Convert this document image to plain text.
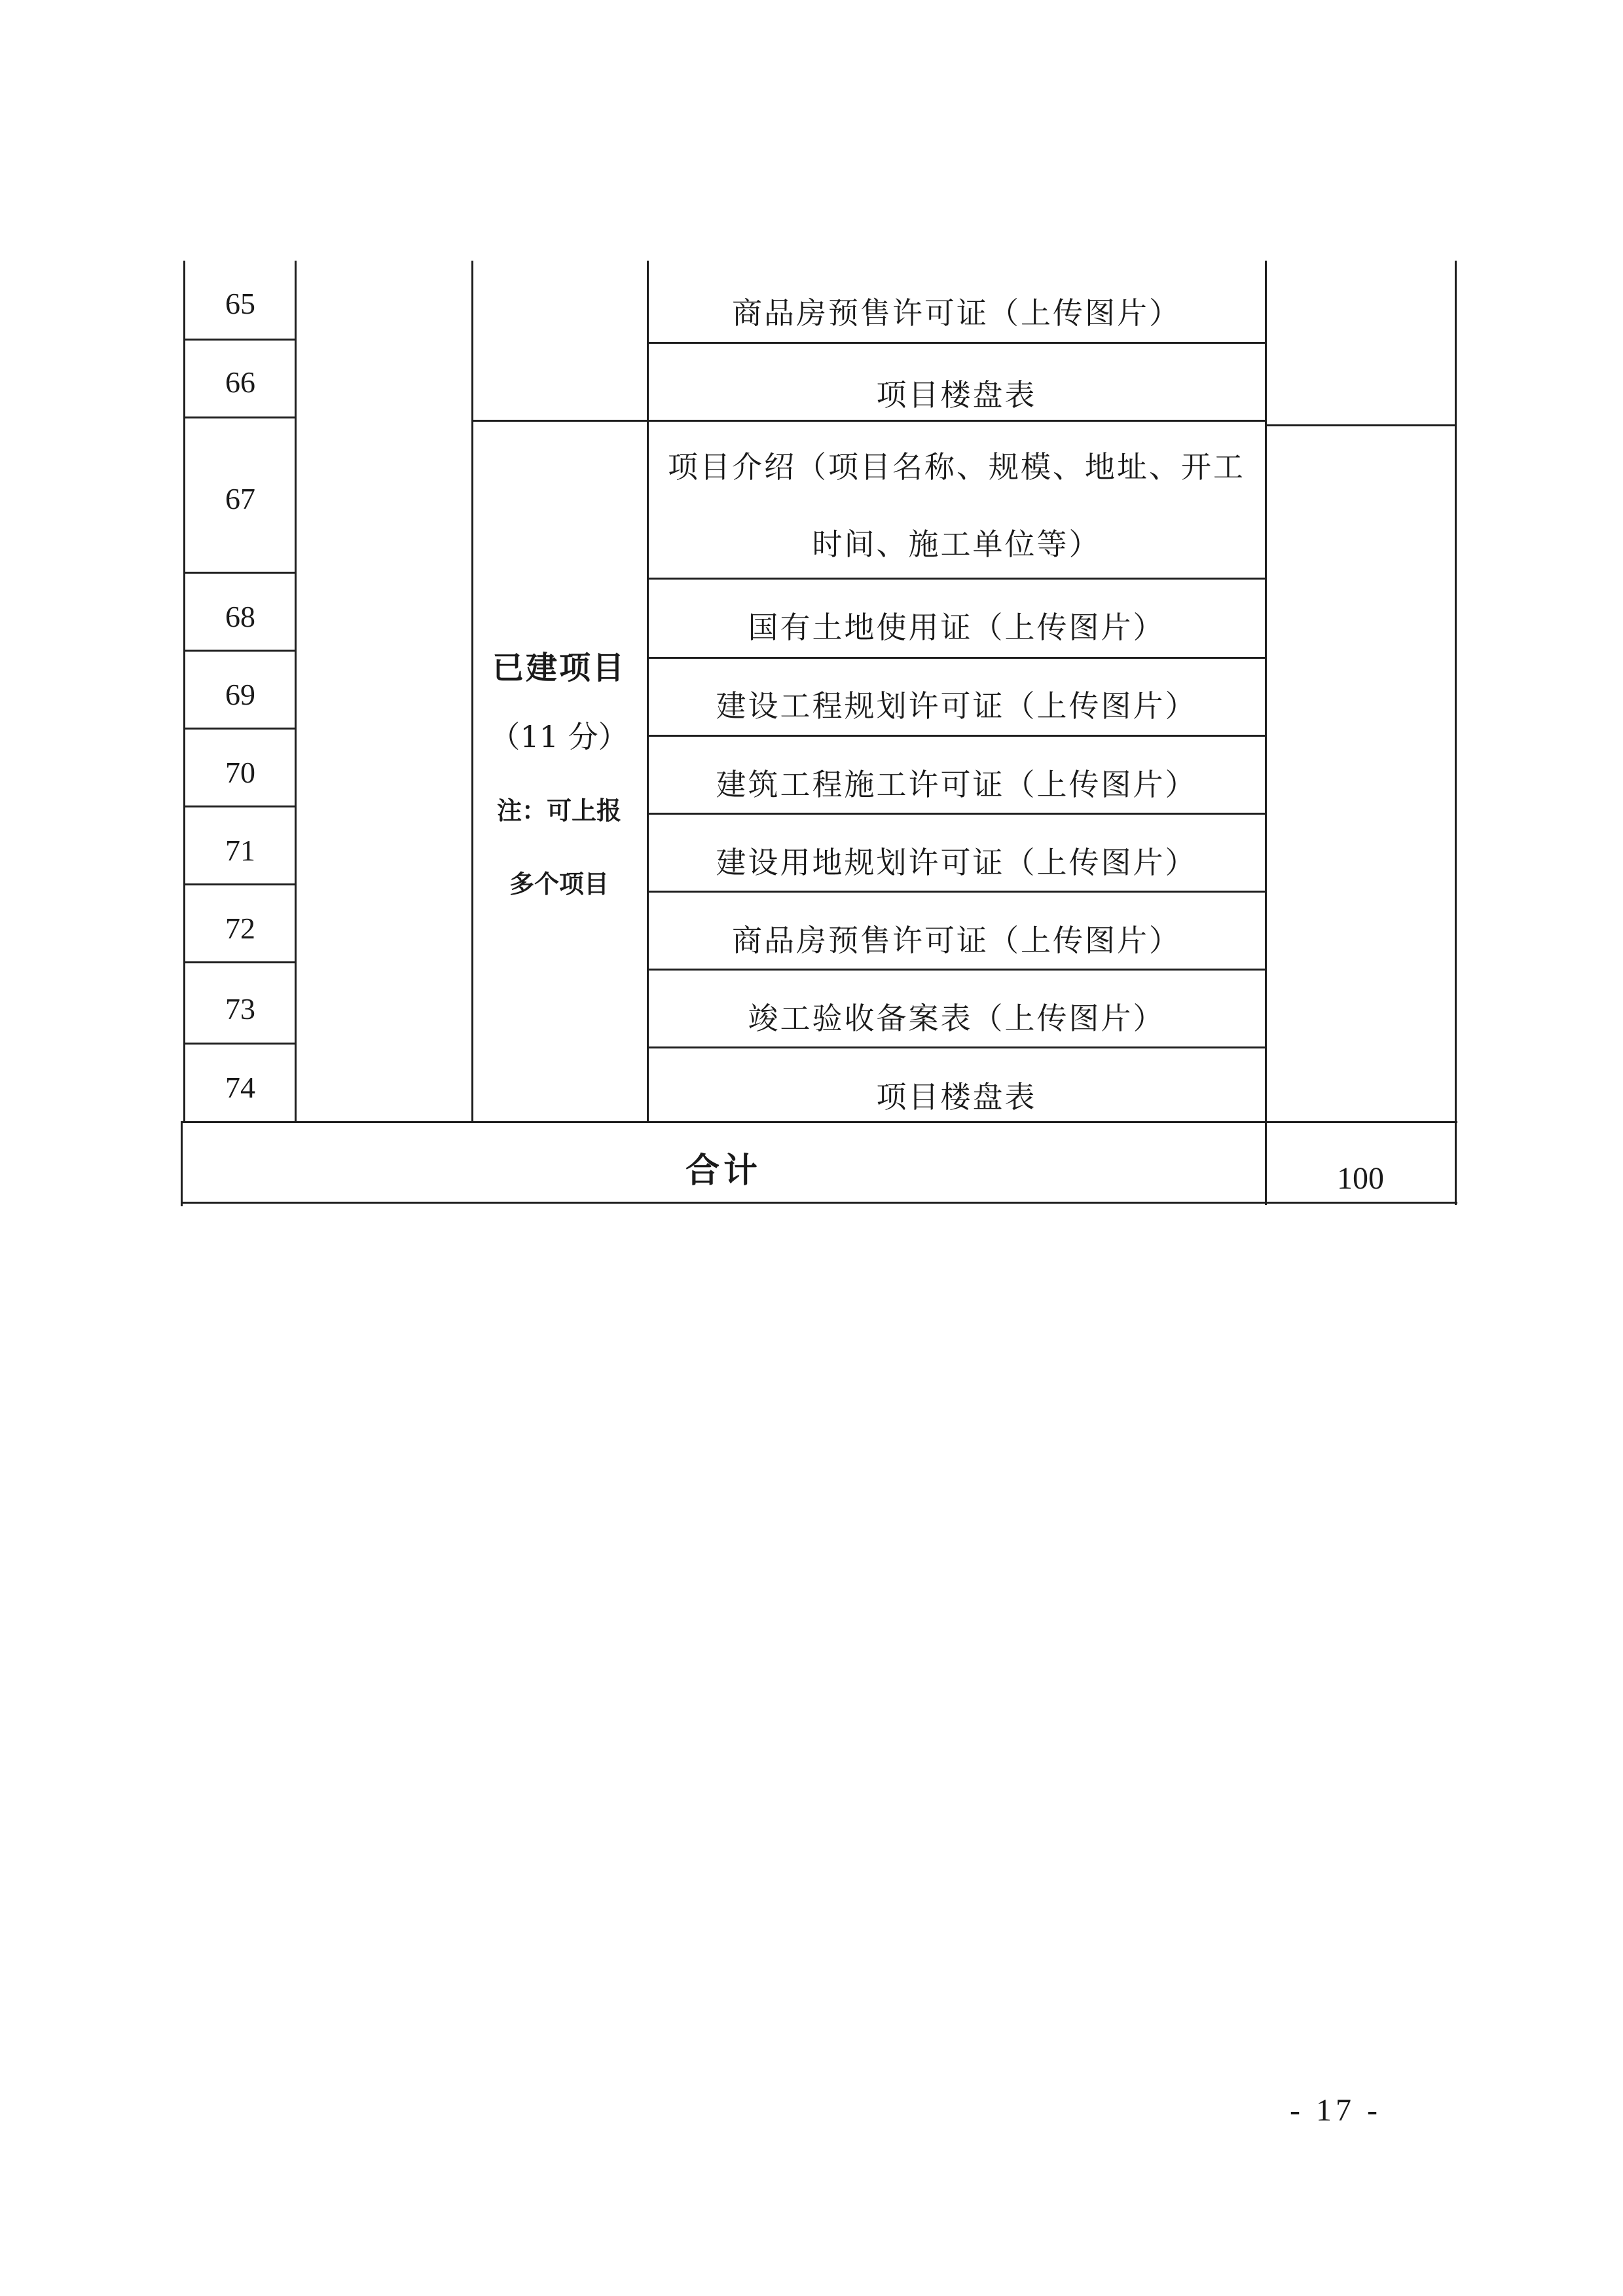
65
66
67
68
69
70
71
72
73
74
商品房预售许可证（上传图片）
项目楼盘表
项目介绍（项目名称、规模、地址、开工
时间、施工单位等）
国有土地使用证（上传图片）
建设工程规划许可证（上传图片）
建筑工程施工许可证（上传图片）
建设用地规划许可证（上传图片）
商品房预售许可证（上传图片）
竣工验收备案表（上传图片）
项目楼盘表
已建项目
（11 分）
注：可上报
多个项目
合计	100
- 17 -
